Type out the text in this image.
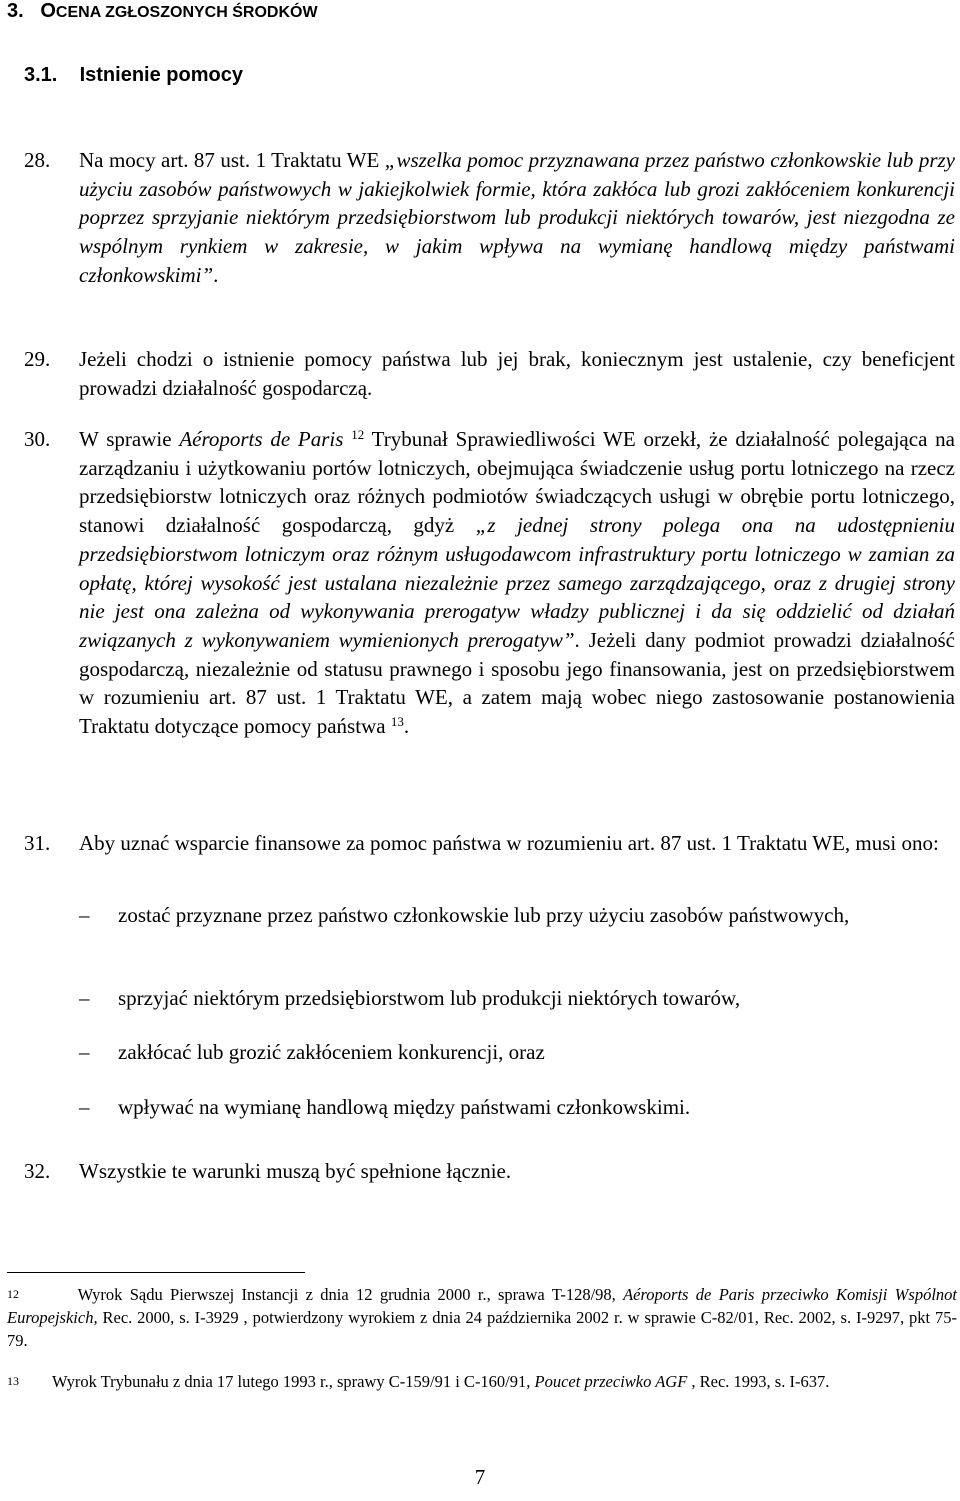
3. OCENA ZGŁOSZONYCH ŚRODKÓW
3.1. Istnienie pomocy
28. Na mocy art. 87 ust. 1 Traktatu WE „wszelka pomoc przyznawana przez państwo członkowskie lub przy użyciu zasobów państwowych w jakiejkolwiek formie, która zakłóca lub grozi zakłóceniem konkurencji poprzez sprzyjanie niektórym przedsiębiorstwom lub produkcji niektórych towarów, jest niezgodna ze wspólnym rynkiem w zakresie, w jakim wpływa na wymianę handlową między państwami członkowskimi”.
29. Jeżeli chodzi o istnienie pomocy państwa lub jej brak, koniecznym jest ustalenie, czy beneficjent prowadzi działalność gospodarczą.
30. W sprawie Aéroports de Paris $^{12}$ Trybunał Sprawiedliwości WE orzekł, że działalność polegająca na zarządzaniu i użytkowaniu portów lotniczych, obejmująca świadczenie usług portu lotniczego na rzecz przedsiębiorstw lotniczych oraz różnych podmiotów świadczących usługi w obrębie portu lotniczego, stanowi działalność gospodarczą, gdyż „z jednej strony polega ona na udostępnieniu przedsiębiorstwom lotniczym oraz różnym usługodawcom infrastruktury portu lotniczego w zamian za opłatę, której wysokość jest ustalana niezależnie przez samego zarządzającego, oraz z drugiej strony nie jest ona zależna od wykonywania prerogatyw władzy publicznej i da się oddzielić od działań związanych z wykonywaniem wymienionych prerogatyw”. Jeżeli dany podmiot prowadzi działalność gospodarczą, niezależnie od statusu prawnego i sposobu jego finansowania, jest on przedsiębiorstwem w rozumieniu art. 87 ust. 1 Traktatu WE, a zatem mają wobec niego zastosowanie postanowienia Traktatu dotyczące pomocy państwa $^{13}$.
31. Aby uznać wsparcie finansowe za pomoc państwa w rozumieniu art. 87 ust. 1 Traktatu WE, musi ono:
–	zostać przyznane przez państwo członkowskie lub przy użyciu zasobów państwowych,
–	sprzyjać niektórym przedsiębiorstwom lub produkcji niektórych towarów,
–	zakłócać lub grozić zakłóceniem konkurencji, oraz
–	wpływać na wymianę handlową między państwami członkowskimi.
32. Wszystkie te warunki muszą być spełnione łącznie.
$^{12}$	Wyrok Sądu Pierwszej Instancji z dnia 12 grudnia 2000 r., sprawa T-128/98, Aéroports de Paris przeciwko Komisji Wspólnot Europejskich, Rec. 2000, s. I-3929 , potwierdzony wyrokiem z dnia 24 października 2002 r. w sprawie C-82/01, Rec. 2002, s. I-9297, pkt 75-79.
$^{13}$ Wyrok Trybunału z dnia 17 lutego 1993 r., sprawy C-159/91 i C-160/91, Poucet przeciwko AGF , Rec. 1993, s. I-637.
7
